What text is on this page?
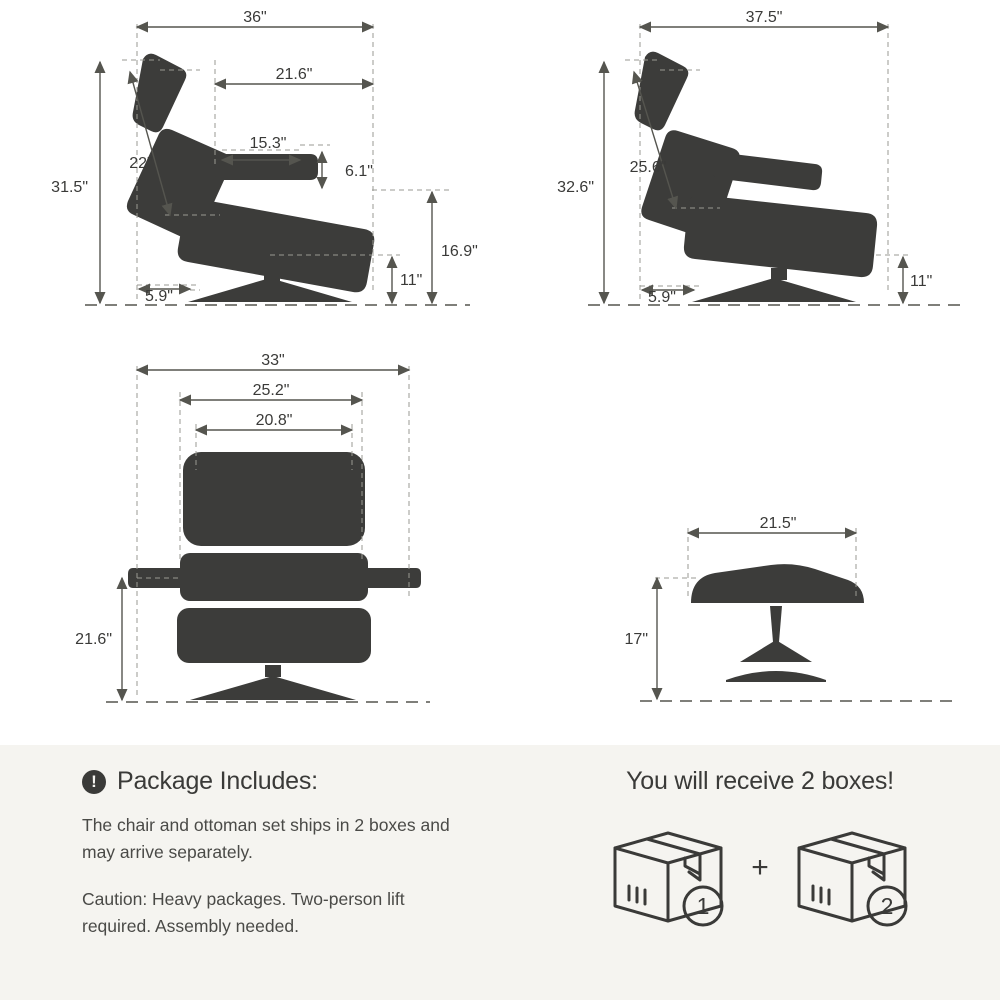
36"
21.6"
15.3"
6.1"
31.5"
22"
16.9"
11"
5.9"
37.5"
32.6"
25.6"
11"
5.9"
33"
25.2"
20.8"
21.6"
21.5"
17"
! Package Includes:

The chair and ottoman set ships in 2 boxes and may arrive separately.

Caution: Heavy packages. Two-person lift required. Assembly needed.

You will receive 2 boxes!
1
+
2
